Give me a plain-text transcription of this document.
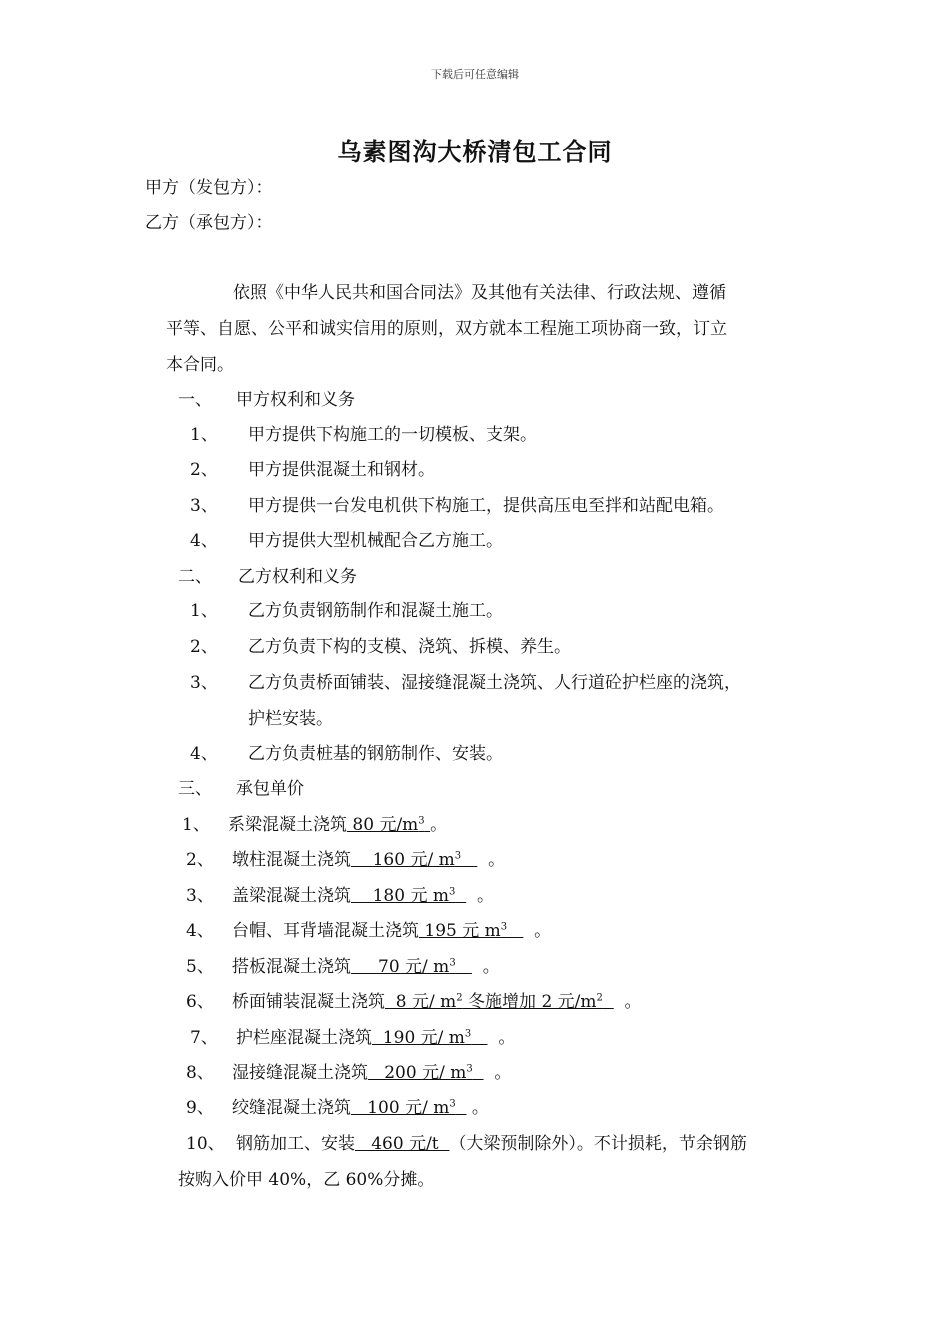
下载后可任意编辑
乌素图沟大桥清包工合同
甲方（发包方）：
乙方（承包方）：
依照《中华人民共和国合同法》及其他有关法律、行政法规、遵循
平等、自愿、公平和诚实信用的原则，双方就本工程施工项协商一致，订立
本合同。
一、 甲方权利和义务
1、 甲方提供下构施工的一切模板、支架。
2、 甲方提供混凝土和钢材。
3、 甲方提供一台发电机供下构施工，提供高压电至拌和站配电箱。
4、 甲方提供大型机械配合乙方施工。
二、 乙方权利和义务
1、 乙方负责钢筋制作和混凝土施工。
2、 乙方负责下构的支模、浇筑、拆模、养生。
3、 乙方负责桥面铺装、湿接缝混凝土浇筑、人行道砼护栏座的浇筑，
护栏安装。
4、 乙方负责桩基的钢筋制作、安装。
三、 承包单价
1、 系梁混凝土浇筑 80 元$/m^3$ 。
2、 墩柱混凝土浇筑    160 元/ $m^3$     。
3、 盖梁混凝土浇筑    180 元 $m^3$    。
4、 台帽、耳背墙混凝土浇筑 195 元 $m^3$     。
5、 搭板混凝土浇筑     70 元/ $m^3$     。
6、 桥面铺装混凝土浇筑  8 元/ $m^2$ 冬施增加 2 元$/m^2$    。
7、 护栏座混凝土浇筑  190 元/ $m^3$     。
8、 湿接缝混凝土浇筑   200 元/ $m^3$    。
9、 绞缝混凝土浇筑   100 元/ $m^3$   。
10、 钢筋加工、安装   460 元/t  （大梁预制除外）。不计损耗，节余钢筋
按购入价甲 40%，乙 60%分摊。
